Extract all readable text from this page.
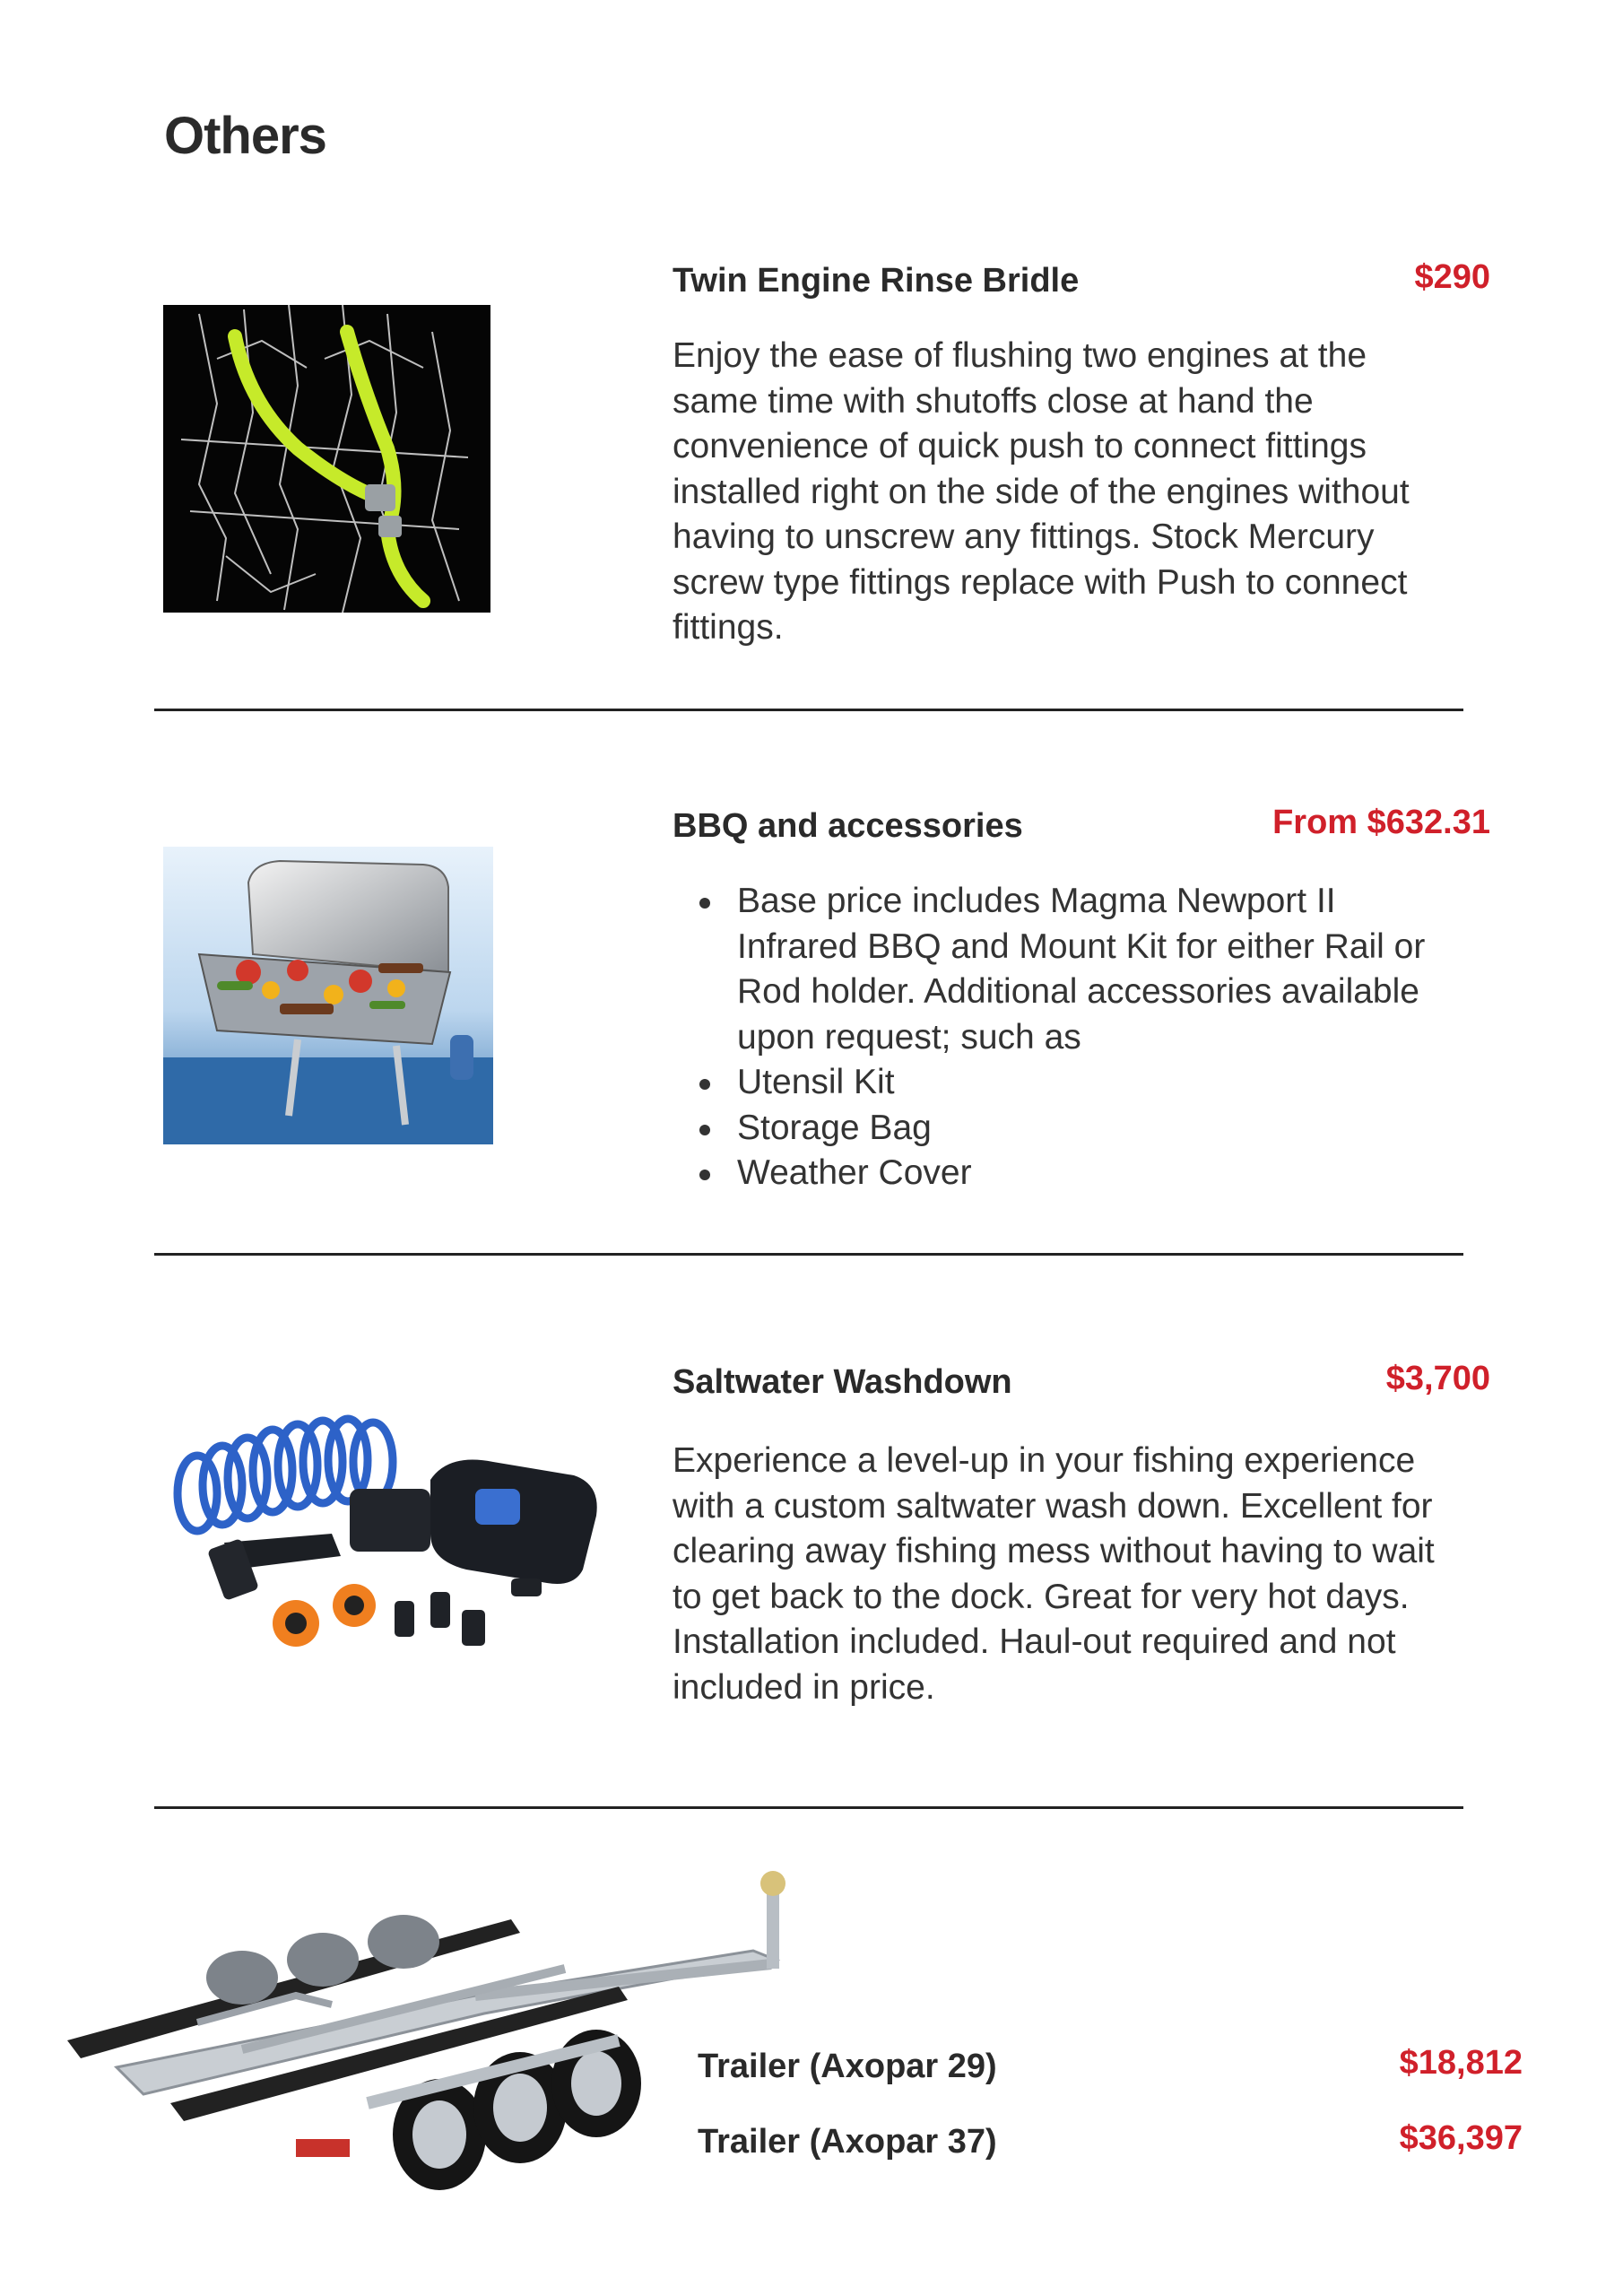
Others
Twin Engine Rinse Bridle	$290
Enjoy the ease of flushing two engines at the
same time with shutoffs close at hand the
convenience of quick push to connect fittings
installed right on the side of the engines without
having to unscrew any fittings. Stock Mercury
screw type fittings replace with Push to connect
fittings.
BBQ and accessories	From $632.31
Base price includes Magma Newport II
Infrared BBQ and Mount Kit for either Rail or
Rod holder. Additional accessories available
upon request; such as
Utensil Kit
Storage Bag
Weather Cover
Saltwater Washdown	$3,700
Experience a level-up in your fishing experience
with a custom saltwater wash down. Excellent for
clearing away fishing mess without having to wait
to get back to the dock. Great for very hot days.
Installation included. Haul-out required and not
included in price.
Trailer (Axopar 29)	$18,812
Trailer (Axopar 37)	$36,397
